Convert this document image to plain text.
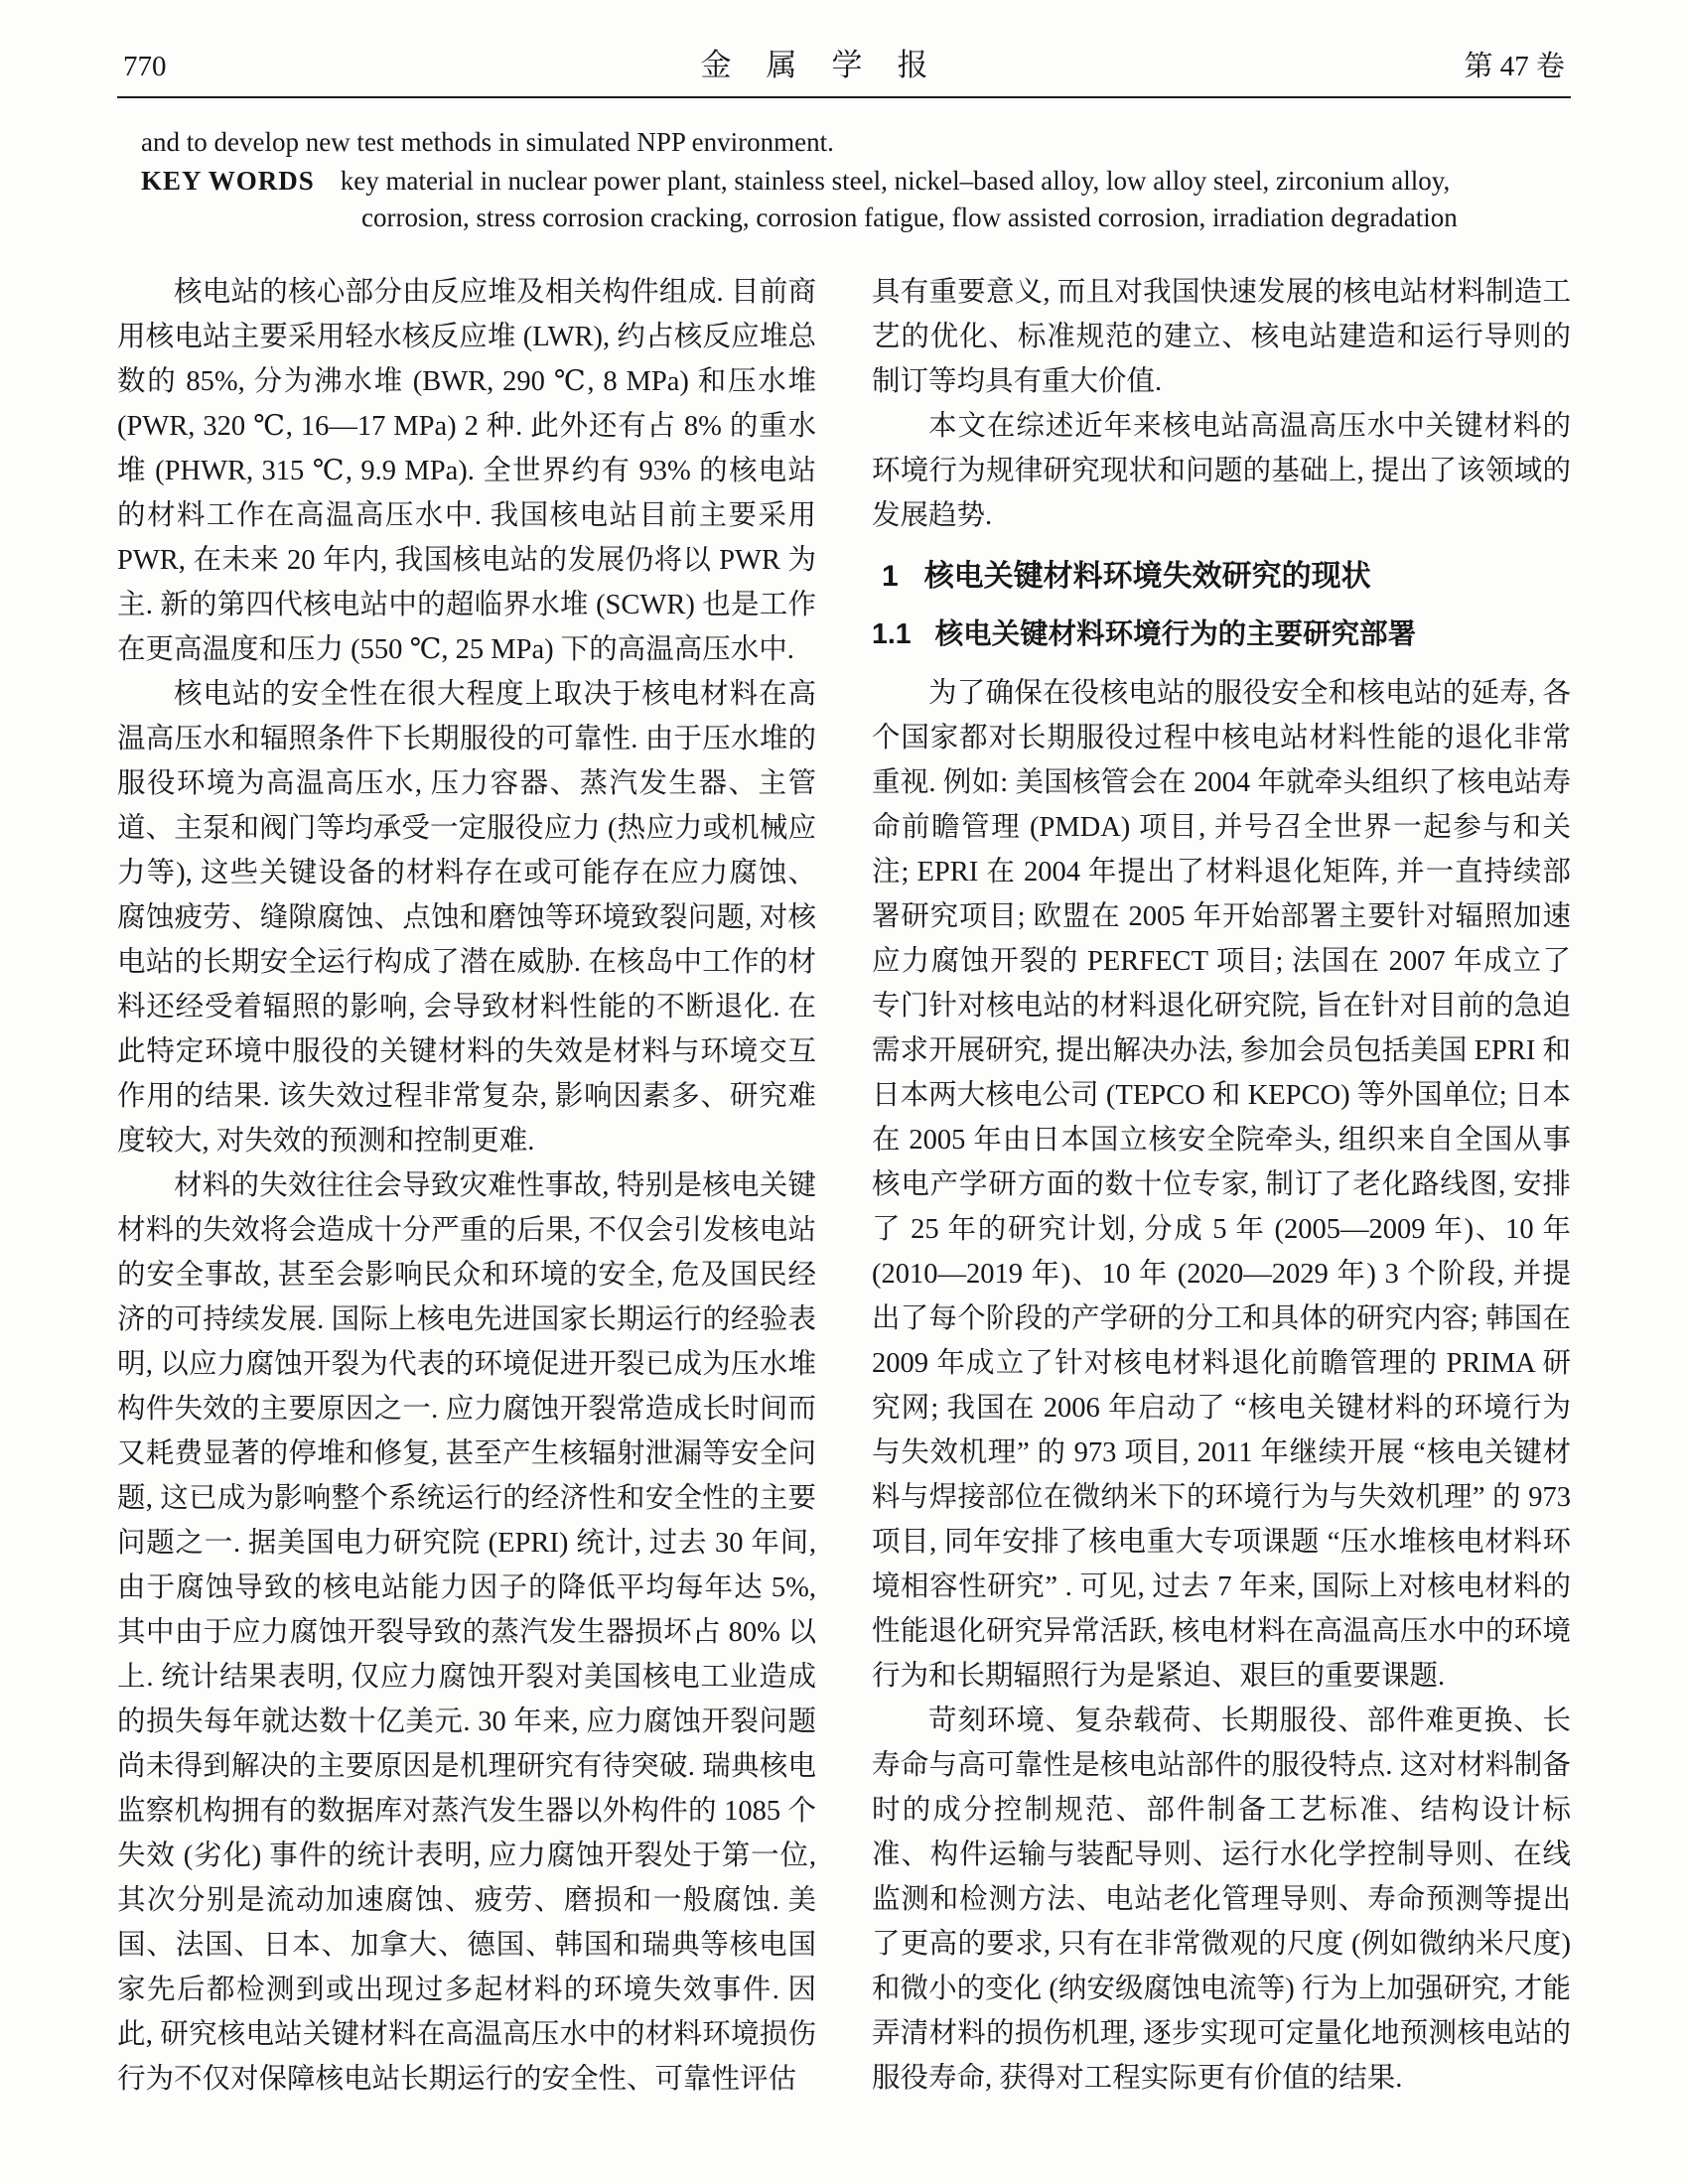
770	金　属　学　报	第 47 卷

and to develop new test methods in simulated NPP environment.

KEY WORDS key material in nuclear power plant, stainless steel, nickel–based alloy, low alloy steel, zirconium alloy, corrosion, stress corrosion cracking, corrosion fatigue, flow assisted corrosion, irradiation degradation

核电站的核心部分由反应堆及相关构件组成. 目前商用核电站主要采用轻水核反应堆 (LWR), 约占核反应堆总数的 85%, 分为沸水堆 (BWR, 290 ℃, 8 MPa) 和压水堆 (PWR, 320 ℃, 16—17 MPa) 2 种. 此外还有占 8% 的重水堆 (PHWR, 315 ℃, 9.9 MPa). 全世界约有 93% 的核电站的材料工作在高温高压水中. 我国核电站目前主要采用 PWR, 在未来 20 年内, 我国核电站的发展仍将以 PWR 为主. 新的第四代核电站中的超临界水堆 (SCWR) 也是工作在更高温度和压力 (550 ℃, 25 MPa) 下的高温高压水中.

核电站的安全性在很大程度上取决于核电材料在高温高压水和辐照条件下长期服役的可靠性. 由于压水堆的服役环境为高温高压水, 压力容器、蒸汽发生器、主管道、主泵和阀门等均承受一定服役应力 (热应力或机械应力等), 这些关键设备的材料存在或可能存在应力腐蚀、腐蚀疲劳、缝隙腐蚀、点蚀和磨蚀等环境致裂问题, 对核电站的长期安全运行构成了潜在威胁. 在核岛中工作的材料还经受着辐照的影响, 会导致材料性能的不断退化. 在此特定环境中服役的关键材料的失效是材料与环境交互作用的结果. 该失效过程非常复杂, 影响因素多、研究难度较大, 对失效的预测和控制更难.

材料的失效往往会导致灾难性事故, 特别是核电关键材料的失效将会造成十分严重的后果, 不仅会引发核电站的安全事故, 甚至会影响民众和环境的安全, 危及国民经济的可持续发展. 国际上核电先进国家长期运行的经验表明, 以应力腐蚀开裂为代表的环境促进开裂已成为压水堆构件失效的主要原因之一. 应力腐蚀开裂常造成长时间而又耗费显著的停堆和修复, 甚至产生核辐射泄漏等安全问题, 这已成为影响整个系统运行的经济性和安全性的主要问题之一. 据美国电力研究院 (EPRI) 统计, 过去 30 年间, 由于腐蚀导致的核电站能力因子的降低平均每年达 5%, 其中由于应力腐蚀开裂导致的蒸汽发生器损坏占 80% 以上. 统计结果表明, 仅应力腐蚀开裂对美国核电工业造成的损失每年就达数十亿美元. 30 年来, 应力腐蚀开裂问题尚未得到解决的主要原因是机理研究有待突破. 瑞典核电监察机构拥有的数据库对蒸汽发生器以外构件的 1085 个失效 (劣化) 事件的统计表明, 应力腐蚀开裂处于第一位, 其次分别是流动加速腐蚀、疲劳、磨损和一般腐蚀. 美国、法国、日本、加拿大、德国、韩国和瑞典等核电国家先后都检测到或出现过多起材料的环境失效事件. 因此, 研究核电站关键材料在高温高压水中的材料环境损伤行为不仅对保障核电站长期运行的安全性、可靠性评估

具有重要意义, 而且对我国快速发展的核电站材料制造工艺的优化、标准规范的建立、核电站建造和运行导则的制订等均具有重大价值.

本文在综述近年来核电站高温高压水中关键材料的环境行为规律研究现状和问题的基础上, 提出了该领域的发展趋势.

1 核电关键材料环境失效研究的现状
1.1 核电关键材料环境行为的主要研究部署

为了确保在役核电站的服役安全和核电站的延寿, 各个国家都对长期服役过程中核电站材料性能的退化非常重视. 例如: 美国核管会在 2004 年就牵头组织了核电站寿命前瞻管理 (PMDA) 项目, 并号召全世界一起参与和关注; EPRI 在 2004 年提出了材料退化矩阵, 并一直持续部署研究项目; 欧盟在 2005 年开始部署主要针对辐照加速应力腐蚀开裂的 PERFECT 项目; 法国在 2007 年成立了专门针对核电站的材料退化研究院, 旨在针对目前的急迫需求开展研究, 提出解决办法, 参加会员包括美国 EPRI 和日本两大核电公司 (TEPCO 和 KEPCO) 等外国单位; 日本在 2005 年由日本国立核安全院牵头, 组织来自全国从事核电产学研方面的数十位专家, 制订了老化路线图, 安排了 25 年的研究计划, 分成 5 年 (2005—2009 年)、10 年 (2010—2019 年)、10 年 (2020—2029 年) 3 个阶段, 并提出了每个阶段的产学研的分工和具体的研究内容; 韩国在 2009 年成立了针对核电材料退化前瞻管理的 PRIMA 研究网; 我国在 2006 年启动了 “核电关键材料的环境行为与失效机理” 的 973 项目, 2011 年继续开展 “核电关键材料与焊接部位在微纳米下的环境行为与失效机理” 的 973 项目, 同年安排了核电重大专项课题 “压水堆核电材料环境相容性研究” . 可见, 过去 7 年来, 国际上对核电材料的性能退化研究异常活跃, 核电材料在高温高压水中的环境行为和长期辐照行为是紧迫、艰巨的重要课题.

苛刻环境、复杂载荷、长期服役、部件难更换、长寿命与高可靠性是核电站部件的服役特点. 这对材料制备时的成分控制规范、部件制备工艺标准、结构设计标准、构件运输与装配导则、运行水化学控制导则、在线监测和检测方法、电站老化管理导则、寿命预测等提出了更高的要求, 只有在非常微观的尺度 (例如微纳米尺度) 和微小的变化 (纳安级腐蚀电流等) 行为上加强研究, 才能弄清材料的损伤机理, 逐步实现可定量化地预测核电站的服役寿命, 获得对工程实际更有价值的结果.
